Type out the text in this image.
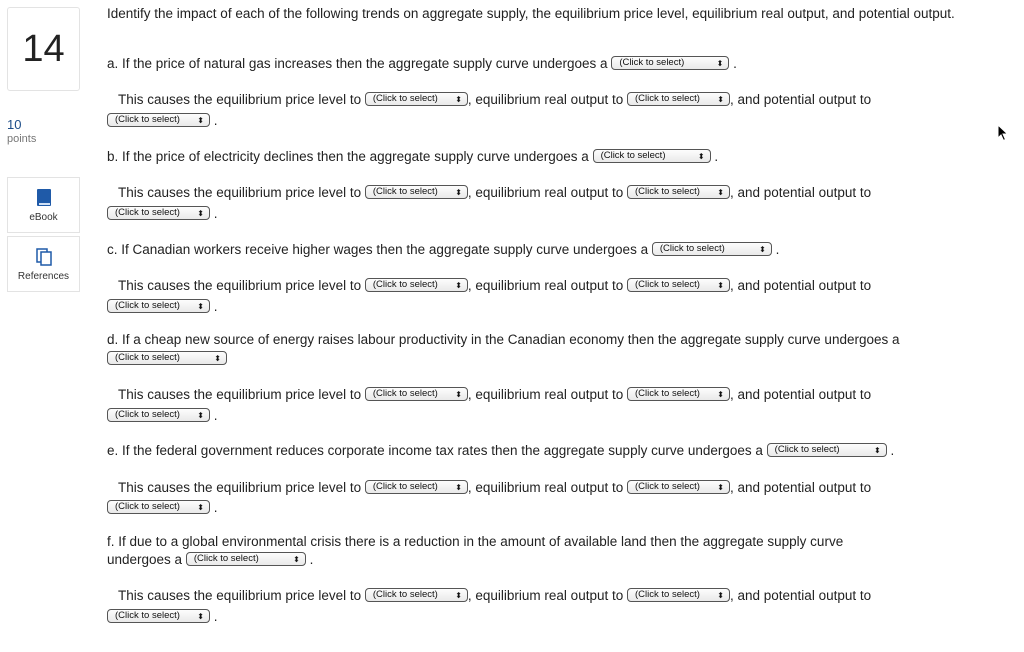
14
10
points
eBook
References
Identify the impact of each of the following trends on aggregate supply, the equilibrium price level, equilibrium real output, and potential output.
a. If the price of natural gas increases then the aggregate supply curve undergoes a (Click to select)	⬍ .
This causes the equilibrium price level to (Click to select) ⬍ , equilibrium real output to (Click to select) ⬍ , and potential output to
(Click to select) ⬍ .
b. If the price of electricity declines then the aggregate supply curve undergoes a (Click to select)	⬍ .
This causes the equilibrium price level to (Click to select) ⬍ , equilibrium real output to (Click to select) ⬍ , and potential output to
(Click to select) ⬍ .
c. If Canadian workers receive higher wages then the aggregate supply curve undergoes a (Click to select)	⬍ .
This causes the equilibrium price level to (Click to select) ⬍ , equilibrium real output to (Click to select) ⬍ , and potential output to
(Click to select) ⬍ .
d. If a cheap new source of energy raises labour productivity in the Canadian economy then the aggregate supply curve undergoes a
(Click to select)	⬍
This causes the equilibrium price level to (Click to select) ⬍ , equilibrium real output to (Click to select) ⬍ , and potential output to
(Click to select) ⬍ .
e. If the federal government reduces corporate income tax rates then the aggregate supply curve undergoes a (Click to select)	⬍ .
This causes the equilibrium price level to (Click to select) ⬍ , equilibrium real output to (Click to select) ⬍ , and potential output to
(Click to select) ⬍ .
f. If due to a global environmental crisis there is a reduction in the amount of available land then the aggregate supply curve
undergoes a (Click to select)	⬍ .
This causes the equilibrium price level to (Click to select) ⬍ , equilibrium real output to (Click to select) ⬍ , and potential output to
(Click to select) ⬍ .
